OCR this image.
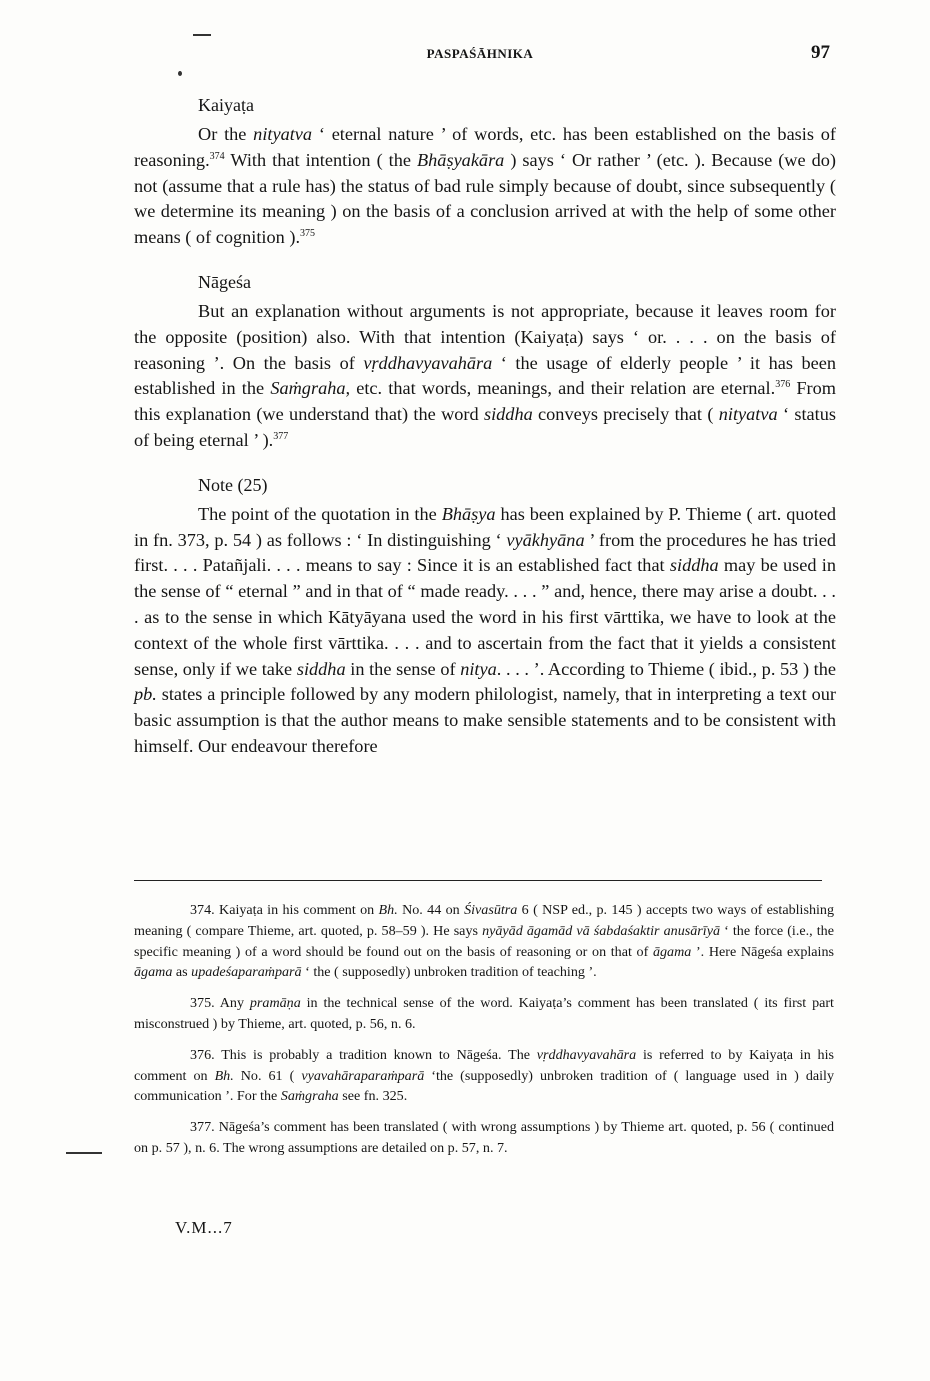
PASPAŚĀHNIKA	97
Kaiyaṭa

Or the nityatva ‘ eternal nature ’ of words, etc. has been established on the basis of reasoning.$^{374}$ With that intention ( the Bhāṣyakāra ) says ‘ Or rather ’ (etc. ). Because (we do) not (assume that a rule has) the status of bad rule simply because of doubt, since subsequently ( we determine its meaning ) on the basis of a conclusion arrived at with the help of some other means ( of cognition ).$^{375}$

Nāgeśa

But an explanation without arguments is not appropriate, because it leaves room for the opposite (position) also. With that intention (Kaiyaṭa) says ‘ or. . . . on the basis of reasoning ’. On the basis of vṛddhavyavahāra ‘ the usage of elderly people ’ it has been established in the Saṁgraha, etc. that words, meanings, and their relation are eternal.$^{376}$ From this explanation (we understand that) the word siddha conveys precisely that ( nityatva ‘ status of being eternal ’ ).$^{377}$

Note (25)

The point of the quotation in the Bhāṣya has been explained by P. Thieme ( art. quoted in fn. 373, p. 54 ) as follows : ‘ In distinguishing ‘ vyākhyāna ’ from the procedures he has tried first. . . . Patañjali. . . . means to say : Since it is an established fact that siddha may be used in the sense of “ eternal ” and in that of “ made ready. . . . ” and, hence, there may arise a doubt. . . . as to the sense in which Kātyāyana used the word in his first vārttika, we have to look at the context of the whole first vārttika. . . . and to ascertain from the fact that it yields a consistent sense, only if we take siddha in the sense of nitya. . . . ’. According to Thieme ( ibid., p. 53 ) the pb. states a principle followed by any modern philologist, namely, that in interpreting a text our basic assumption is that the author means to make sensible statements and to be consistent with himself. Our endeavour therefore

374. Kaiyaṭa in his comment on Bh. No. 44 on Śivasūtra 6 ( NSP ed., p. 145 ) accepts two ways of establishing meaning ( compare Thieme, art. quoted, p. 58–59 ). He says nyāyād āgamād vā śabdaśaktir anusārīyā ‘ the force (i.e., the specific meaning ) of a word should be found out on the basis of reasoning or on that of āgama ’. Here Nāgeśa explains āgama as upadeśaparaṁparā ‘ the ( supposedly) unbroken tradition of teaching ’.

375. Any pramāṇa in the technical sense of the word. Kaiyaṭa’s comment has been translated ( its first part misconstrued ) by Thieme, art. quoted, p. 56, n. 6.

376. This is probably a tradition known to Nāgeśa. The vṛddhavyavahāra is referred to by Kaiyaṭa in his comment on Bh. No. 61 ( vyavahāraparaṁparā ‘the (supposedly) unbroken tradition of ( language used in ) daily communication ’. For the Saṁgraha see fn. 325.

377. Nāgeśa’s comment has been translated ( with wrong assumptions ) by Thieme art. quoted, p. 56 ( continued on p. 57 ), n. 6. The wrong assumptions are detailed on p. 57, n. 7.

V.M...7
